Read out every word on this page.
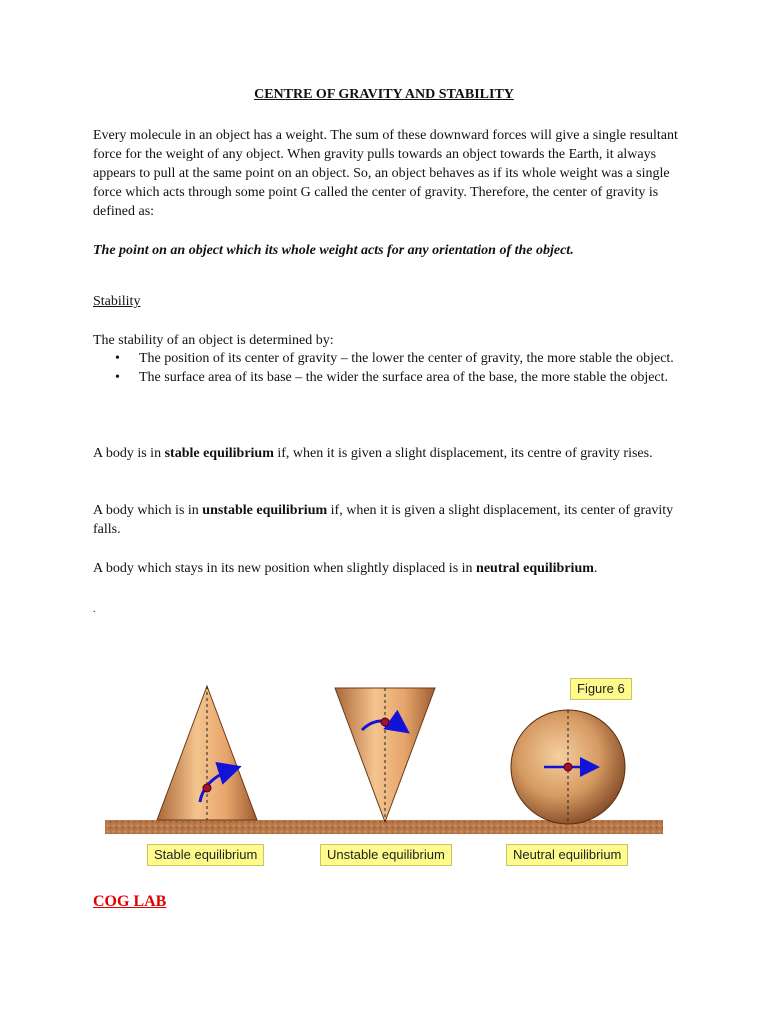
CENTRE OF GRAVITY AND STABILITY

Every molecule in an object has a weight. The sum of these downward forces will give a single resultant force for the weight of any object. When gravity pulls towards an object towards the Earth, it always appears to pull at the same point on an object. So, an object behaves as if its whole weight was a single force which acts through some point G called the center of gravity. Therefore, the center of gravity is defined as:

The point on an object which its whole weight acts for any orientation of the object.

Stability

The stability of an object is determined by:

• The position of its center of gravity – the lower the center of gravity, the more stable the object.
• The surface area of its base – the wider the surface area of the base, the more stable the object.

A body is in stable equilibrium if, when it is given a slight displacement, its centre of gravity rises.

A body which is in unstable equilibrium if, when it is given a slight displacement, its center of gravity falls.

A body which stays in its new position when slightly displaced is in neutral equilibrium.

.

Figure 6
Stable equilibrium	Unstable equilibrium	Neutral equilibrium
COG LAB
